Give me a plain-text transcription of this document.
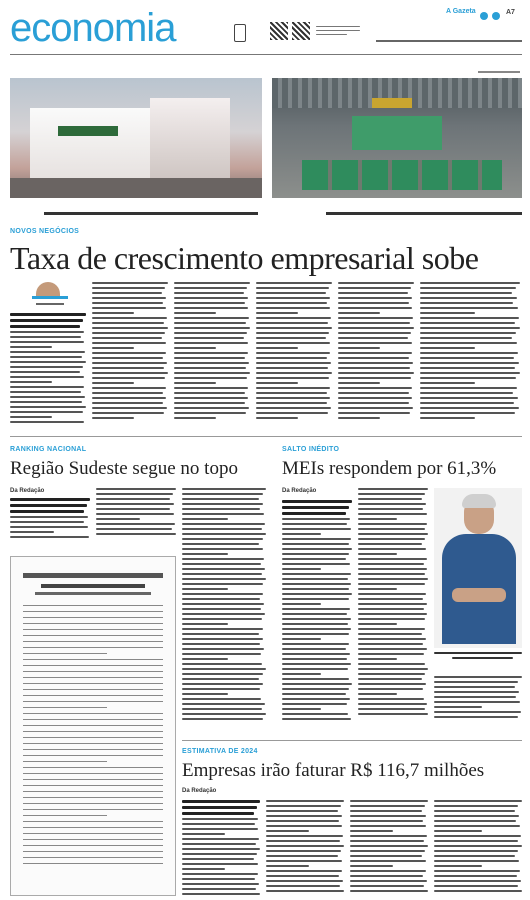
economia	A Gazeta
	A7
NOVOS NEGÓCIOS
Taxa de crescimento empresarial sobe
RANKING NACIONAL
Região Sudeste segue no topo
Da Redação
SALTO INÉDITO
MEIs respondem por 61,3%
Da Redação
ESTIMATIVA DE 2024
Empresas irão faturar R$ 116,7 milhões
Da Redação
